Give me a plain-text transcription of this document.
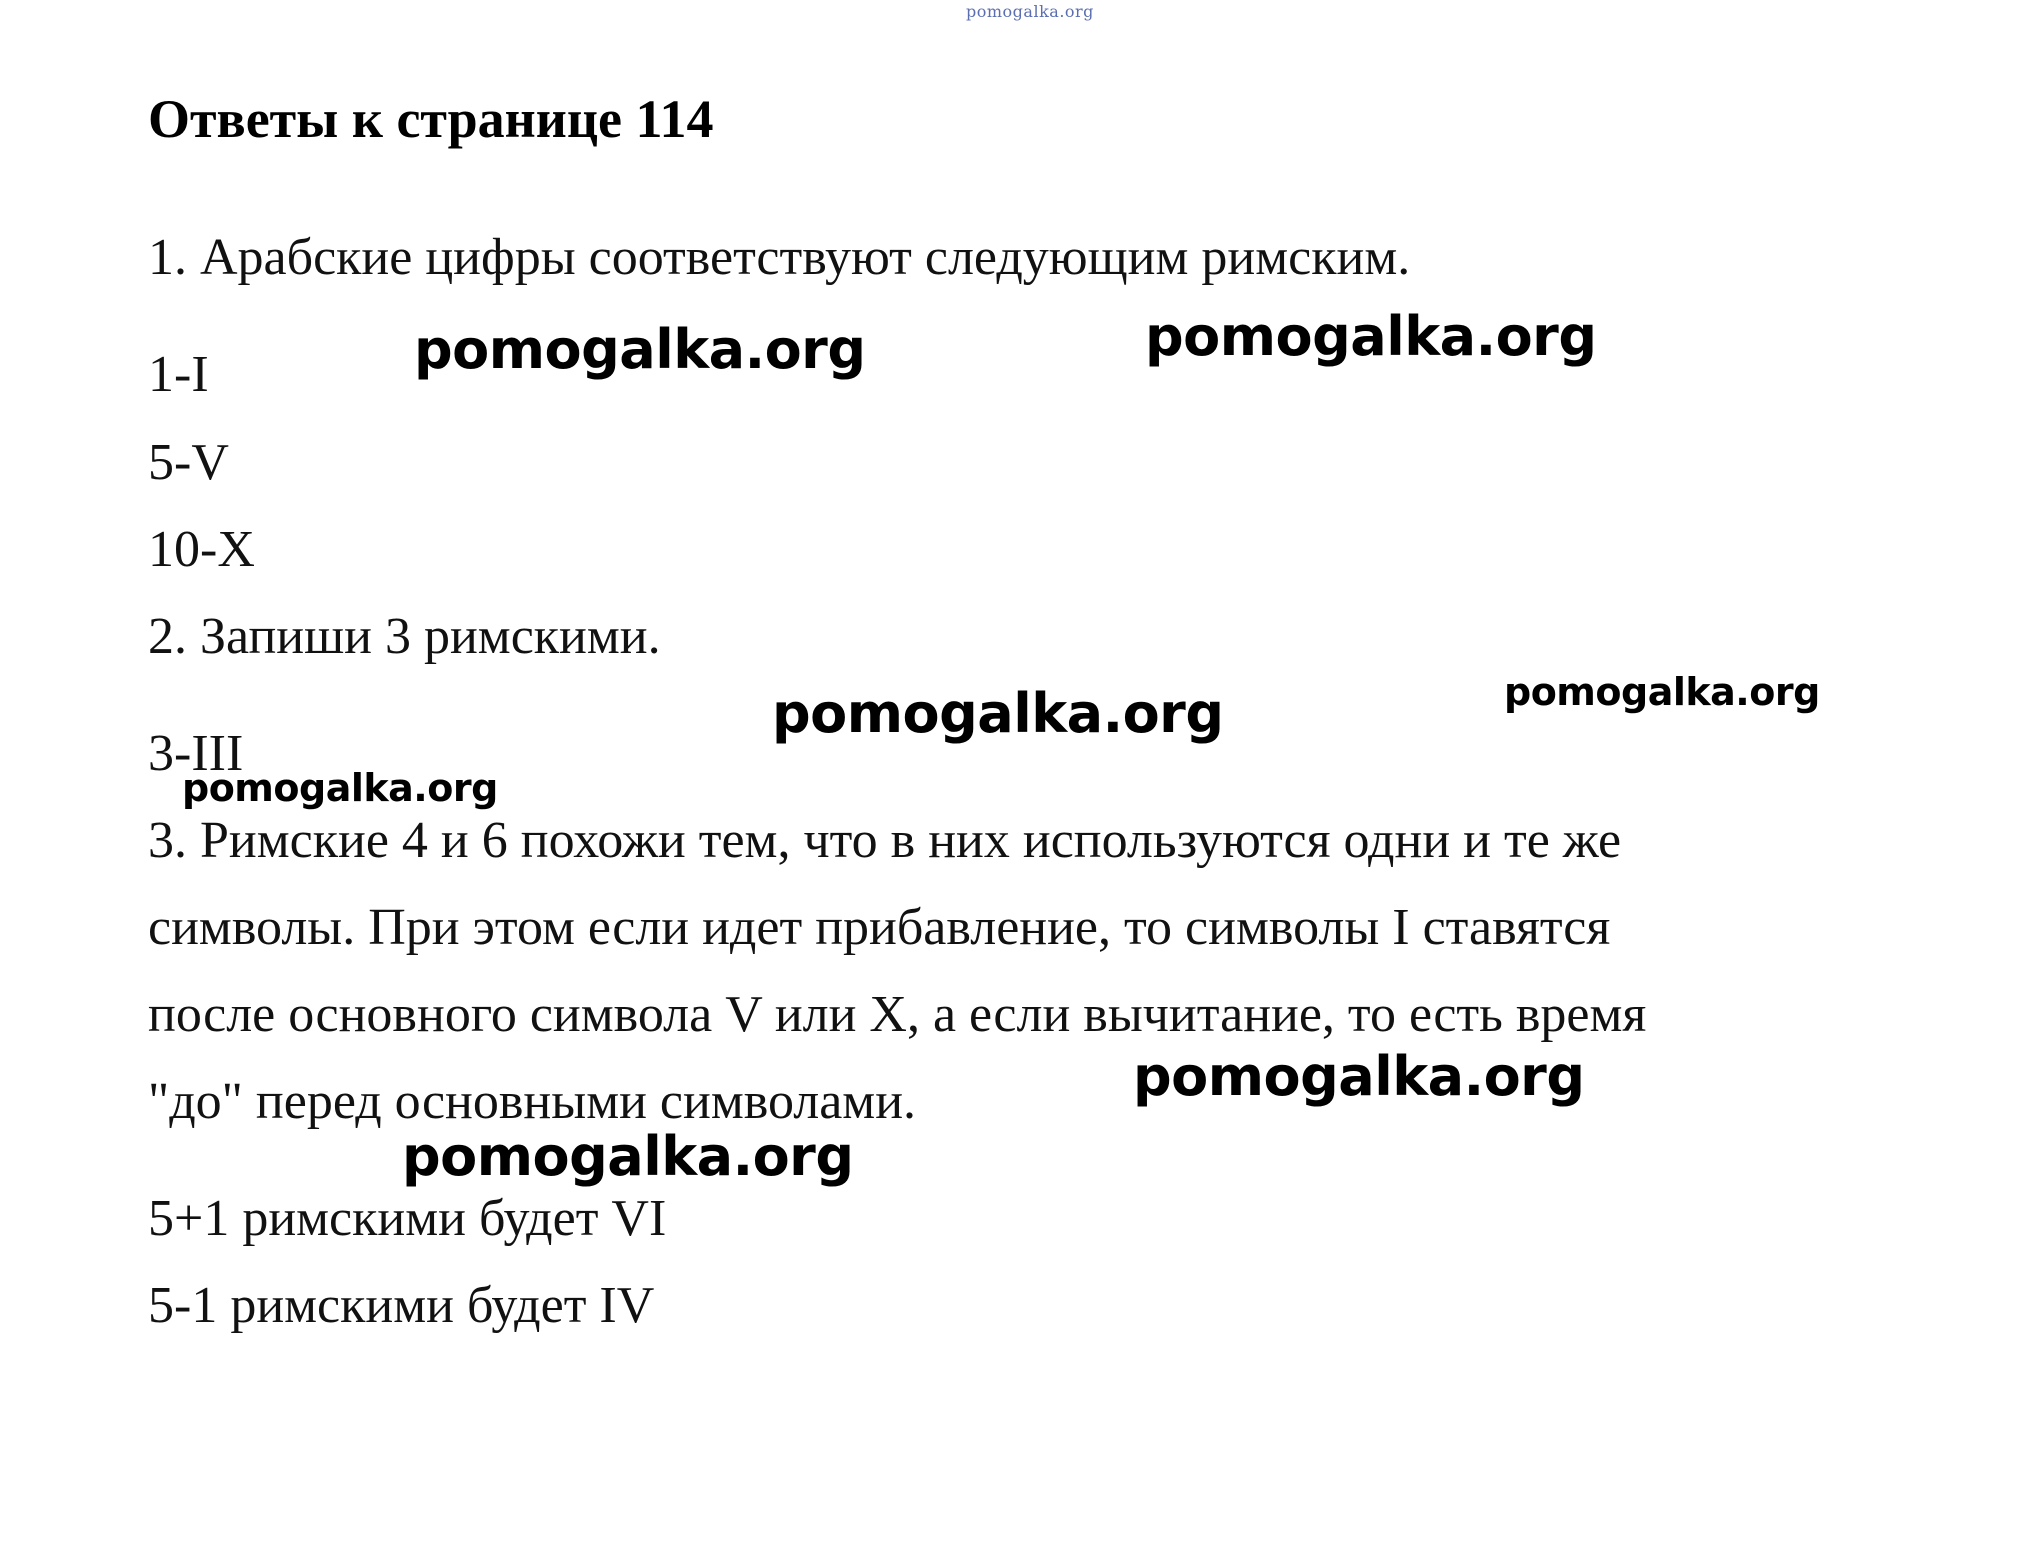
pomogalka.org
Ответы к странице 114
1. Арабские цифры соответствуют следующим римским.
1-I
5-V
10-X
2. Запиши 3 римскими.
3-III
3. Римские 4 и 6 похожи тем, что в них используются одни и те же
символы. При этом если идет прибавление, то символы I ставятся
после основного символа V или X, а если вычитание, то есть время
"до" перед основными символами.
5+1 римскими будет VI
5-1 римскими будет IV
pomogalka.org	pomogalka.org
pomogalka.org	pomogalka.org
pomogalka.org
pomogalka.org
pomogalka.org
